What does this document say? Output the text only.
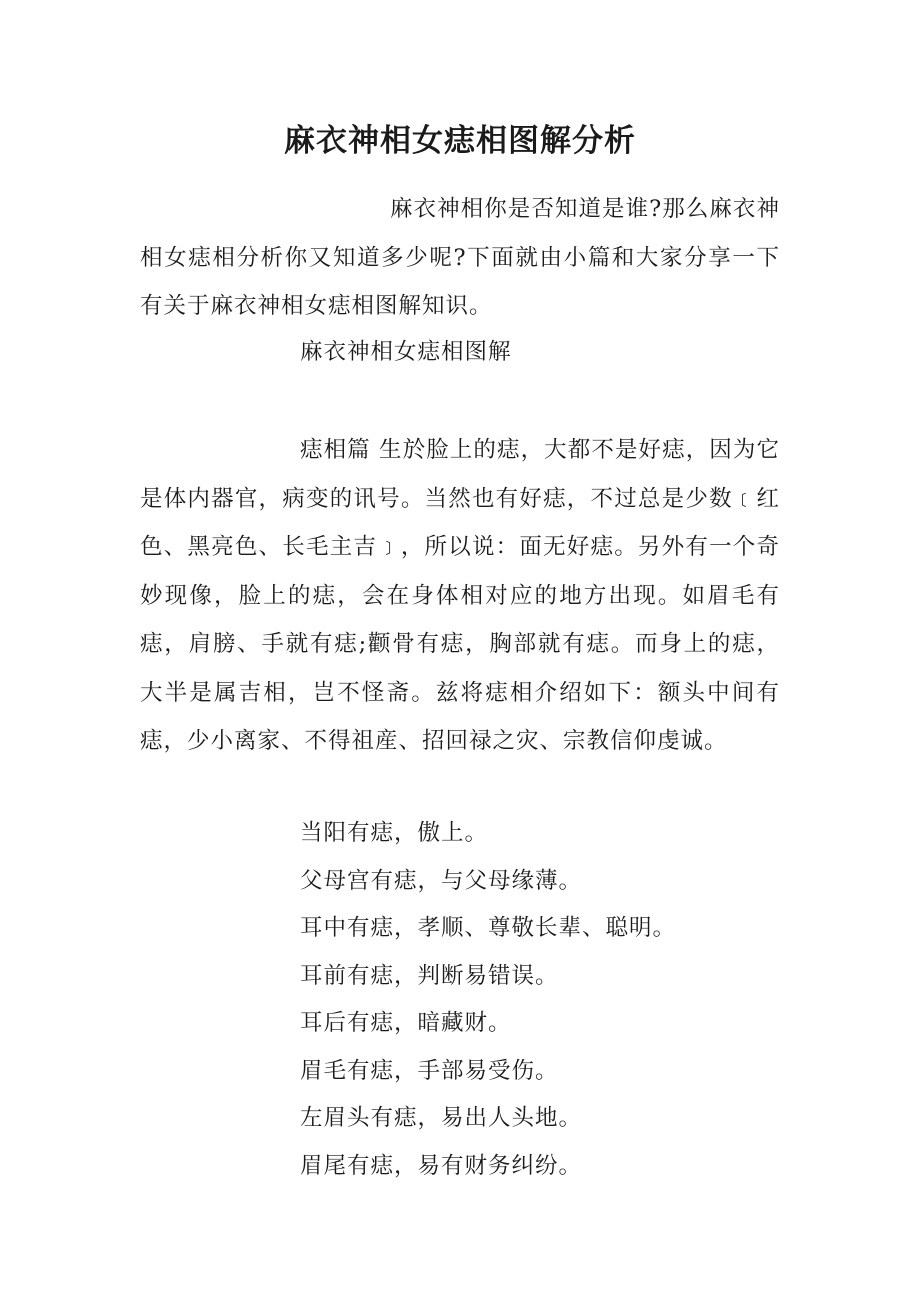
麻衣神相女痣相图解分析

麻衣神相你是否知道是谁?那么麻衣神相女痣相分析你又知道多少呢?下面就由小篇和大家分享一下有关于麻衣神相女痣相图解知识。

麻衣神相女痣相图解

痣相篇 生於脸上的痣，大都不是好痣，因为它是体内器官，病变的讯号。当然也有好痣，不过总是少数﹝红色、黑亮色、长毛主吉﹞，所以说：面无好痣。另外有一个奇妙现像，脸上的痣，会在身体相对应的地方出现。如眉毛有痣，肩膀、手就有痣;颧骨有痣，胸部就有痣。而身上的痣，大半是属吉相，岂不怪斋。兹将痣相介绍如下：额头中间有痣，少小离家、不得祖産、招回禄之灾、宗教信仰虔诚。

当阳有痣，傲上。
父母宫有痣，与父母缘薄。
耳中有痣，孝顺、尊敬长辈、聪明。
耳前有痣，判断易错误。
耳后有痣，暗藏财。
眉毛有痣，手部易受伤。
左眉头有痣，易出人头地。
眉尾有痣，易有财务纠纷。
